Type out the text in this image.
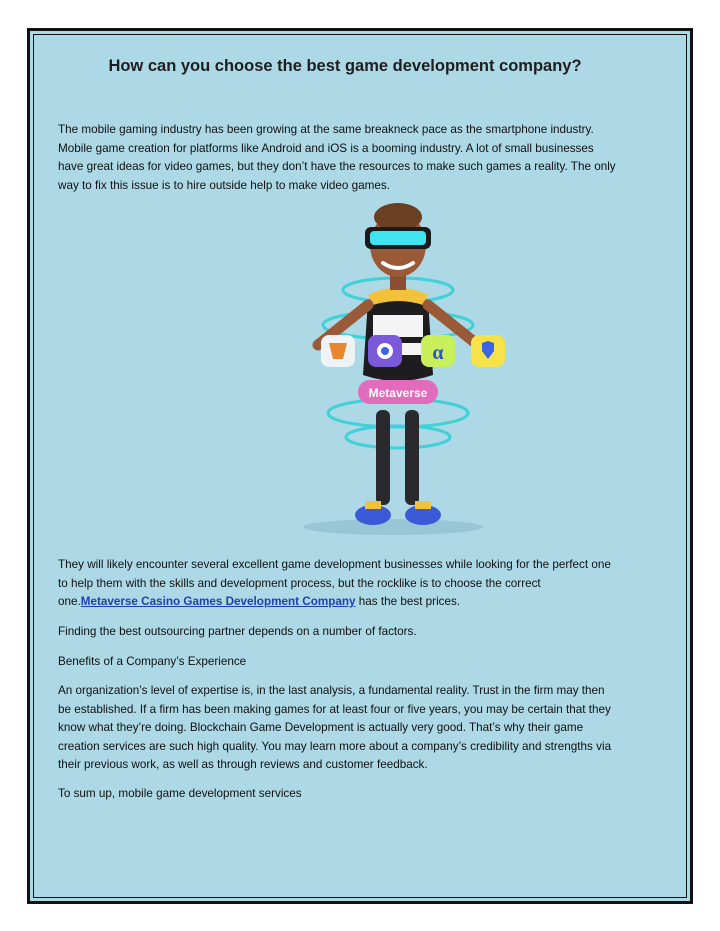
How can you choose the best game development company?

The mobile gaming industry has been growing at the same breakneck pace as the smartphone industry. Mobile game creation for platforms like Android and iOS is a booming industry. A lot of small businesses have great ideas for video games, but they don’t have the resources to make such games a reality. The only way to fix this issue is to hire outside help to make video games.

α
Metaverse

They will likely encounter several excellent game development businesses while looking for the perfect one to help them with the skills and development process, but the rocklike is to choose the correct one.Metaverse Casino Games Development Company has the best prices.

Finding the best outsourcing partner depends on a number of factors.

Benefits of a Company’s Experience

An organization’s level of expertise is, in the last analysis, a fundamental reality. Trust in the firm may then be established. If a firm has been making games for at least four or five years, you may be certain that they know what they’re doing. Blockchain Game Development is actually very good. That’s why their game creation services are such high quality. You may learn more about a company’s credibility and strengths via their previous work, as well as through reviews and customer feedback.

To sum up, mobile game development services
